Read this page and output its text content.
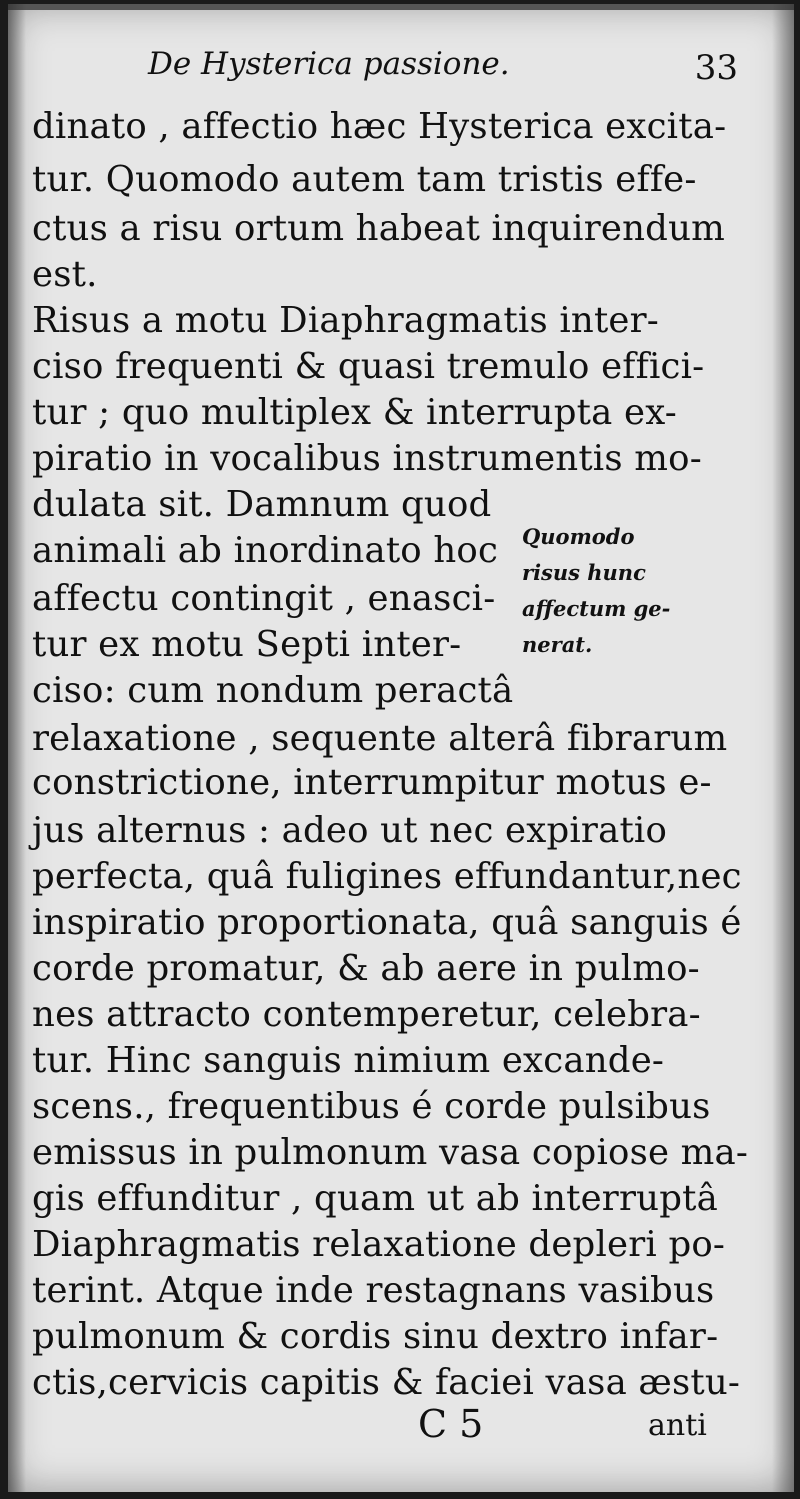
De Hysterica passione.	33
dinato , affectio hæc Hysterica excita-
tur. Quomodo autem tam tristis effe-
ctus a risu ortum habeat inquirendum
est.
Risus a motu Diaphragmatis inter-
ciso frequenti & quasi tremulo effici-
tur ; quo multiplex & interrupta ex-
piratio in vocalibus instrumentis mo-
dulata sit. Damnum quod
animali ab inordinato hoc
affectu contingit , enasci-
tur ex motu Septi inter-
ciso: cum nondum peractâ
relaxatione , sequente alterâ fibrarum
constrictione, interrumpitur motus e-
jus alternus : adeo ut nec expiratio
perfecta, quâ fuligines effundantur,nec
inspiratio proportionata, quâ sanguis é
corde promatur, & ab aere in pulmo-
nes attracto contemperetur, celebra-
tur. Hinc sanguis nimium excande-
scens., frequentibus é corde pulsibus
emissus in pulmonum vasa copiose ma-
gis effunditur , quam ut ab interruptâ
Diaphragmatis relaxatione depleri po-
terint. Atque inde restagnans vasibus
pulmonum & cordis sinu dextro infar-
ctis,cervicis capitis & faciei vasa æstu-
Quomodo
risus hunc
affectum ge-
nerat.
C 5	anti
